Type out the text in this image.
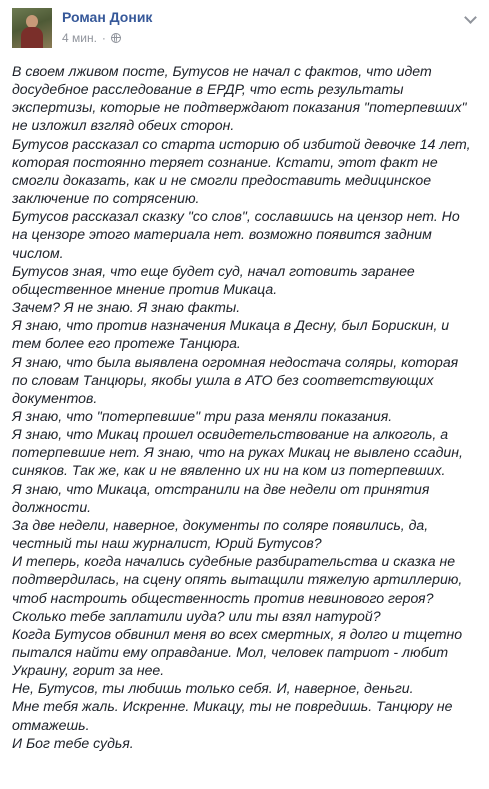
Роман Доник
4 мин. ·

В своем лживом посте, Бутусов не начал с фактов, что идет

досудебное расследование в ЕРДР, что есть результаты

экспертизы, которые не подтверждают показания "потерпевших"

не изложил взгляд обеих сторон.

Бутусов рассказал со старта историю об избитой девочке 14 лет,

которая постоянно теряет сознание. Кстати, этот факт не

смогли доказать, как и не смогли предоставить медицинское

заключение по сотрясению.

Бутусов рассказал сказку "со слов", сославшись на цензор нет. Но

на цензоре этого материала нет. возможно появится задним

числом.

Бутусов зная, что еще будет суд, начал готовить заранее

общественное мнение против Микаца.

Зачем? Я не знаю. Я знаю факты.

Я знаю, что против назначения Микаца в Десну, был Борискин, и

тем более его протеже Танцюра.

Я знаю, что была выявлена огромная недостача соляры, которая

по словам Танцюры, якобы ушла в АТО без соответствующих

документов.

Я знаю, что "потерпевшие" три раза меняли показания.

Я знаю, что Микац прошел освидетельствование на алкоголь, а

потерпевшие нет. Я знаю, что на руках Микац не вывлено ссадин,

синяков. Так же, как и не вявленно их ни на ком из потерпевших.

Я знаю, что Микаца, отстранили на две недели от принятия

должности.

За две недели, наверное, документы по соляре появились, да,

честный ты наш журналист, Юрий Бутусов?

И теперь, когда начались судебные разбирательства и сказка не

подтвердилась, на сцену опять вытащили тяжелую артиллерию,

чтоб настроить общественность против невинового героя?

Сколько тебе заплатили иуда? или ты взял натурой?

Когда Бутусов обвинил меня во всех смертных, я долго и тщетно

пытался найти ему оправдание. Мол, человек патриот - любит

Украину, горит за нее.

Не, Бутусов, ты любишь только себя. И, наверное, деньги.

Мне тебя жаль. Искренне. Микацу, ты не повредишь. Танцюру не

отмажешь.

И Бог тебе судья.
